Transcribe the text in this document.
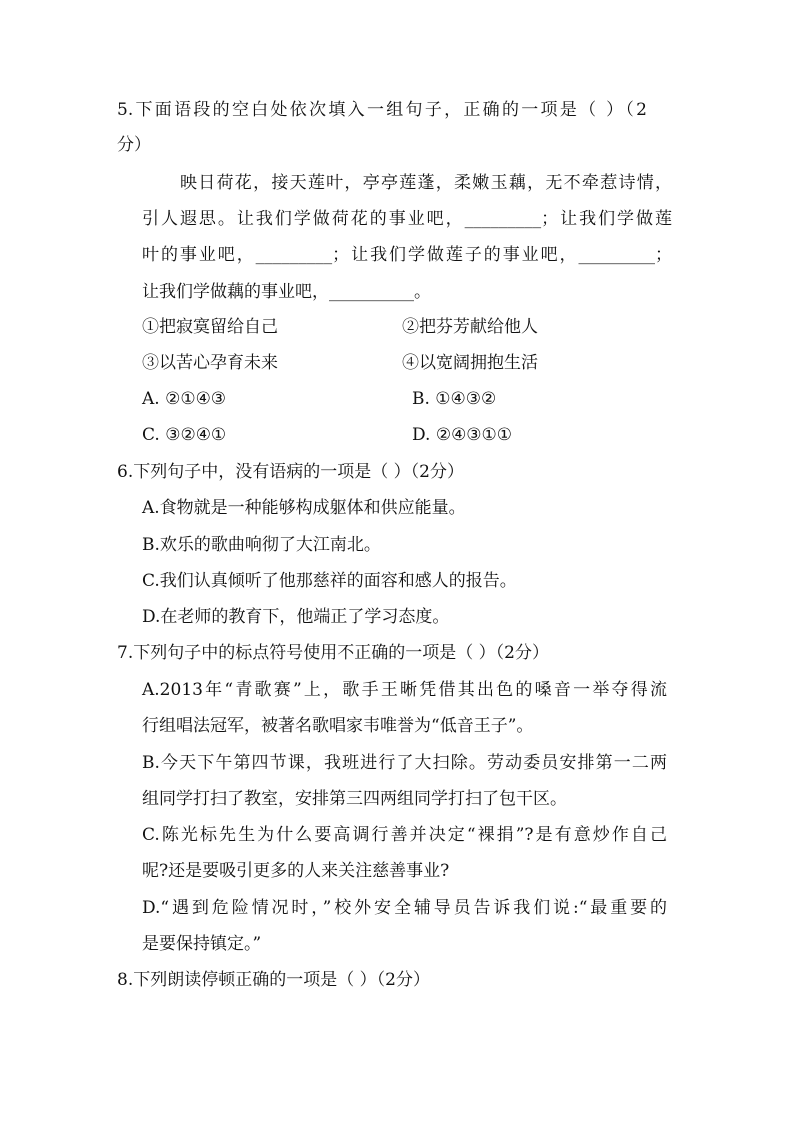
5.下面语段的空白处依次填入一组句子，正确的一项是（ ）（2
分）
映日荷花，接天莲叶，亭亭莲蓬，柔嫩玉藕，无不牵惹诗情，
引人遐思。让我们学做荷花的事业吧，_________；让我们学做莲
叶的事业吧，_________；让我们学做莲子的事业吧，_________；
让我们学做藕的事业吧，__________。
①把寂寞留给自己	②把芬芳献给他人
③以苦心孕育未来	④以宽阔拥抱生活
A. ②①④③	B. ①④③②
C. ③②④①	D. ②④③①①
6.下列句子中，没有语病的一项是（ ）（2分）
A.食物就是一种能够构成躯体和供应能量。
B.欢乐的歌曲响彻了大江南北。
C.我们认真倾听了他那慈祥的面容和感人的报告。
D.在老师的教育下，他端正了学习态度。
7.下列句子中的标点符号使用不正确的一项是（ ）（2分）
A.2013年“青歌赛”上，歌手王晰凭借其出色的嗓音一举夺得流
行组唱法冠军，被著名歌唱家韦唯誉为“低音王子”。
B.今天下午第四节课，我班进行了大扫除。劳动委员安排第一二两
组同学打扫了教室，安排第三四两组同学打扫了包干区。
C.陈光标先生为什么要高调行善并决定“裸捐”?是有意炒作自己
呢?还是要吸引更多的人来关注慈善事业?
D.“遇到危险情况时，”校外安全辅导员告诉我们说:“最重要的
是要保持镇定。”
8.下列朗读停顿正确的一项是（ ）（2分）
